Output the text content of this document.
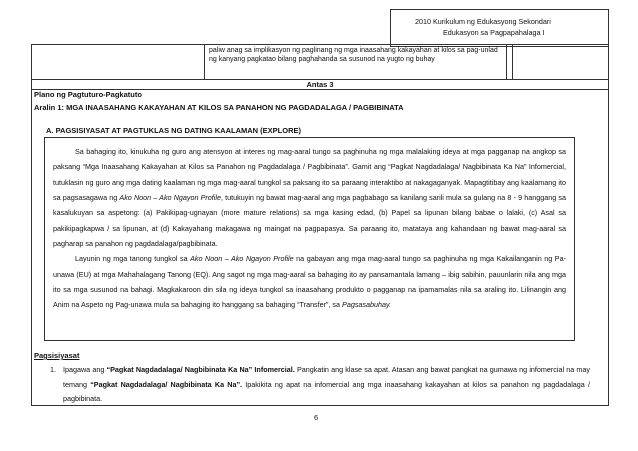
2010 Kurikulum ng Edukasyong Sekondari
Edukasyon sa Pagpapahalaga I
paliw anag sa implikasyon ng paglinang ng mga inaasahang kakayahan at kilos sa pag-unlad ng kanyang pagkatao bilang paghahanda sa susunod na yugto ng buhay
Antas 3
Plano ng Pagtuturo-Pagkatuto
Aralin 1: MGA INAASAHANG KAKAYAHAN AT KILOS SA PANAHON NG PAGDADALAGA / PAGBIBINATA
A. PAGSISIYASAT AT PAGTUKLAS NG DATING KAALAMAN (EXPLORE)

Sa bahaging ito, kinukuha ng guro ang atensyon at interes ng mag-aaral tungo sa paghinuha ng mga malalaking ideya at mga pagganap na angkop sa paksang “Mga Inaasahang Kakayahan at Kilos sa Panahon ng Pagdadalaga / Pagbibinata”. Gamit ang “Pagkat Nagdadalaga/ Nagbibinata Ka Na” Infomercial, tutuklasin ng guro ang mga dating kaalaman ng mga mag-aaral tungkol sa paksang ito sa paraang interaktibo at nakagaganyak. Mapagtitibay ang kaalamang ito sa pagsasagawa ng Ako Noon – Ako Ngayon Profile, tutukuyin ng bawat mag-aaral ang mga pagbabago sa kanilang sarili mula sa gulang na 8 - 9 hanggang sa kasalukuyan sa aspetong: (a) Pakikipag-ugnayan (more mature relations) sa mga kasing edad, (b) Papel sa lipunan bilang babae o lalaki, (c) Asal sa pakikipagkapwa / sa lipunan, at (d) Kakayahang makagawa ng maingat na pagpapasya. Sa paraang ito, matataya ang kahandaan ng bawat mag-aaral sa pagharap sa panahon ng pagdadalaga/pagbibinata.

Layunin ng mga tanong tungkol sa Ako Noon – Ako Ngayon Profile na gabayan ang mga mag-aaral tungo sa paghinuha ng mga Kakailanganin ng Pa-unawa (EU) at mga Mahahalagang Tanong (EQ). Ang sagot ng mga mag-aaral sa bahaging ito ay pansamantala lamang – ibig sabihin, pauunlarin nila ang mga ito sa mga susunod na bahagi. Magkakaroon din sila ng ideya tungkol sa inaasahang produkto o pagganap na ipamamalas nila sa araling ito. Lilinangin ang Anim na Aspeto ng Pag-unawa mula sa bahaging ito hanggang sa bahaging “Transfer”, sa Pagsasabuhay.

Pagsisiyasat
1. Ipagawa ang “Pagkat Nagdadalaga/ Nagbibinata Ka Na” Infomercial. Pangkatin ang klase sa apat. Atasan ang bawat pangkat na gumawa ng infomercial na may temang “Pagkat Nagdadalaga/ Nagbibinata Ka Na”. Ipakikita ng apat na infomercial ang mga inaasahang kakayahan at kilos sa panahon ng pagdadalaga / pagbibinata.
6
